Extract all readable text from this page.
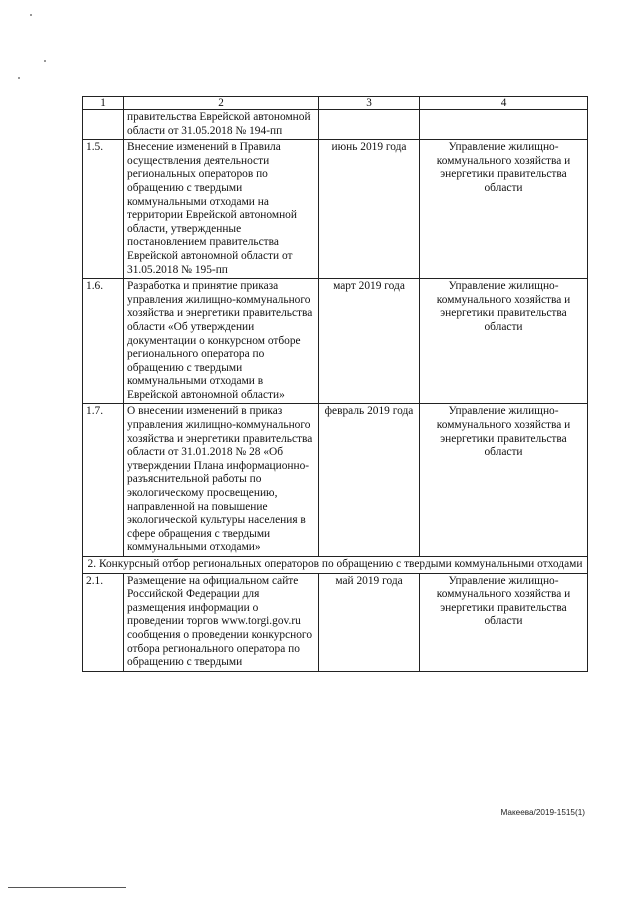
1	2	3	4
	правительства Еврейской автономной области от 31.05.2018 № 194-пп		
1.5.	Внесение изменений в Правила осуществления деятельности региональных операторов по обращению с твердыми коммунальными отходами на территории Еврейской автономной области, утвержденные постановлением правительства Еврейской автономной области от 31.05.2018 № 195-пп	июнь 2019 года	Управление жилищно-коммунального хозяйства и энергетики правительства области
1.6.	Разработка и принятие приказа управления жилищно-коммунального хозяйства и энергетики правительства области «Об утверждении документации о конкурсном отборе регионального оператора по обращению с твердыми коммунальными отходами в Еврейской автономной области»	март 2019 года	Управление жилищно-коммунального хозяйства и энергетики правительства области
1.7.	О внесении изменений в приказ управления жилищно-коммунального хозяйства и энергетики правительства области от 31.01.2018 № 28 «Об утверждении Плана информационно-разъяснительной работы по экологическому просвещению, направленной на повышение экологической культуры населения в сфере обращения с твердыми коммунальными отходами»	февраль 2019 года	Управление жилищно-коммунального хозяйства и энергетики правительства области
2. Конкурсный отбор региональных операторов по обращению с твердыми коммунальными отходами			
2.1.	Размещение на официальном сайте Российской Федерации для размещения информации о проведении торгов www.torgi.gov.ru сообщения о проведении конкурсного отбора регионального оператора по обращению с твердыми	май 2019 года	Управление жилищно-коммунального хозяйства и энергетики правительства области
Макеева/2019-1515(1)
